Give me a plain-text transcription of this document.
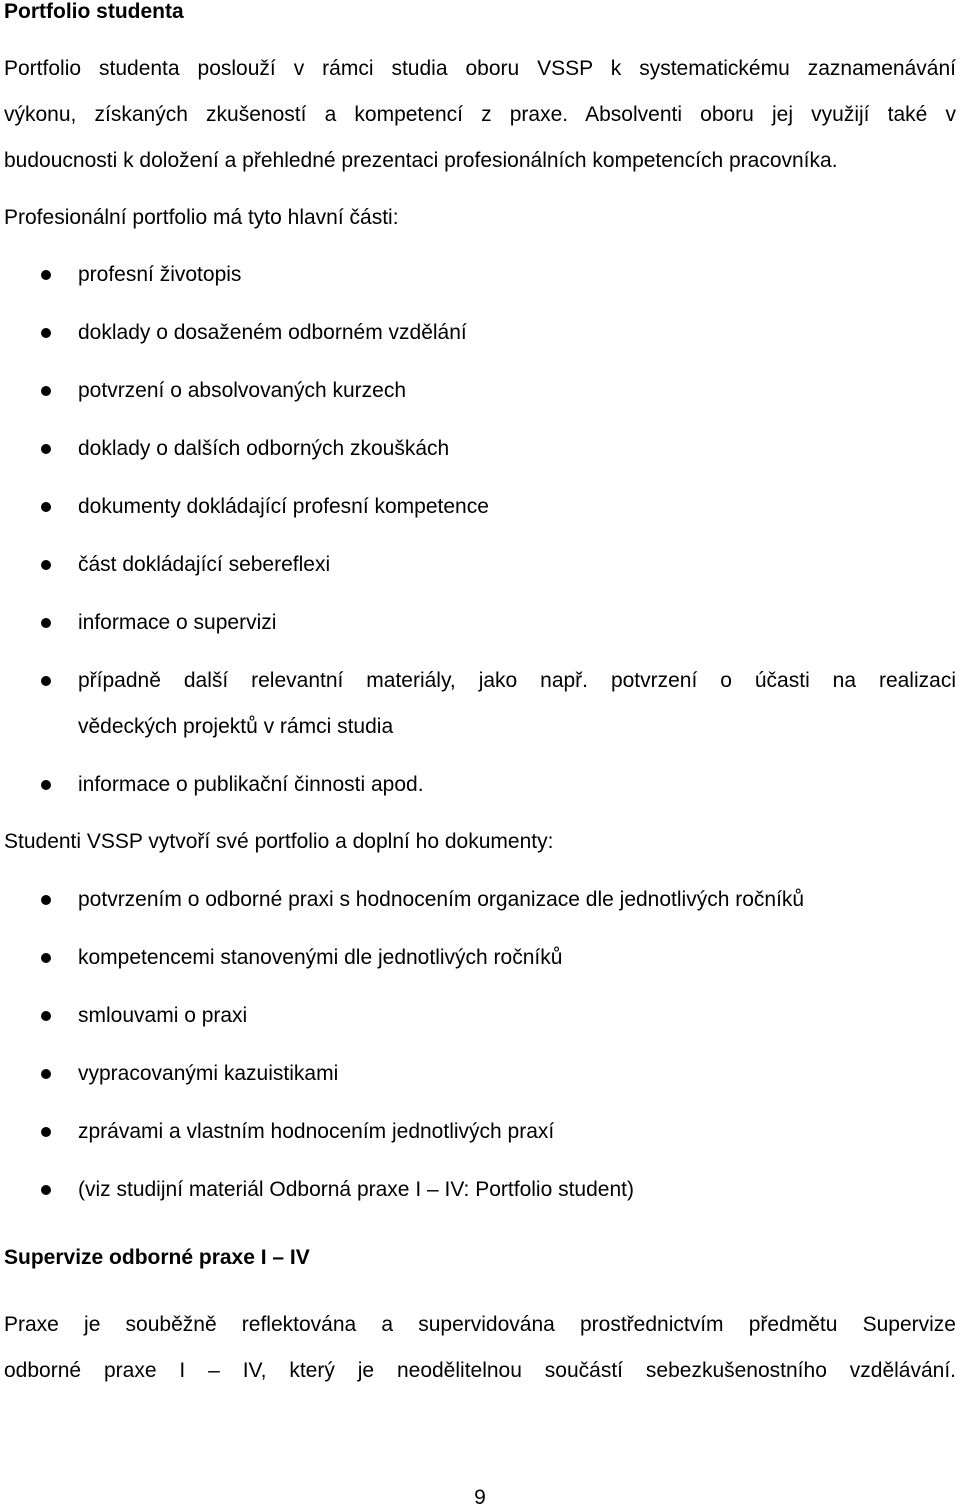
Portfolio studenta
Portfolio studenta poslouží v rámci studia oboru VSSP k systematickému zaznamenávání
výkonu, získaných zkušeností a kompetencí z praxe. Absolventi oboru jej využijí také v
budoucnosti k doložení a přehledné prezentaci profesionálních kompetencích pracovníka.
Profesionální portfolio má tyto hlavní části:
profesní životopis
doklady o dosaženém odborném vzdělání
potvrzení o absolvovaných kurzech
doklady o dalších odborných zkouškách
dokumenty dokládající profesní kompetence
část dokládající sebereflexi
informace o supervizi
případně další relevantní materiály, jako např. potvrzení o účasti na realizaci
vědeckých projektů v rámci studia
informace o publikační činnosti apod.
Studenti VSSP vytvoří své portfolio a doplní ho dokumenty:
potvrzením o odborné praxi s hodnocením organizace dle jednotlivých ročníků
kompetencemi stanovenými dle jednotlivých ročníků
smlouvami o praxi
vypracovanými kazuistikami
zprávami a vlastním hodnocením jednotlivých praxí
(viz studijní materiál Odborná praxe I – IV: Portfolio student)
Supervize odborné praxe I – IV
Praxe je souběžně reflektována a supervidována prostřednictvím předmětu Supervize
odborné praxe I – IV, který je neodělitelnou součástí sebezkušenostního vzdělávání.
9
